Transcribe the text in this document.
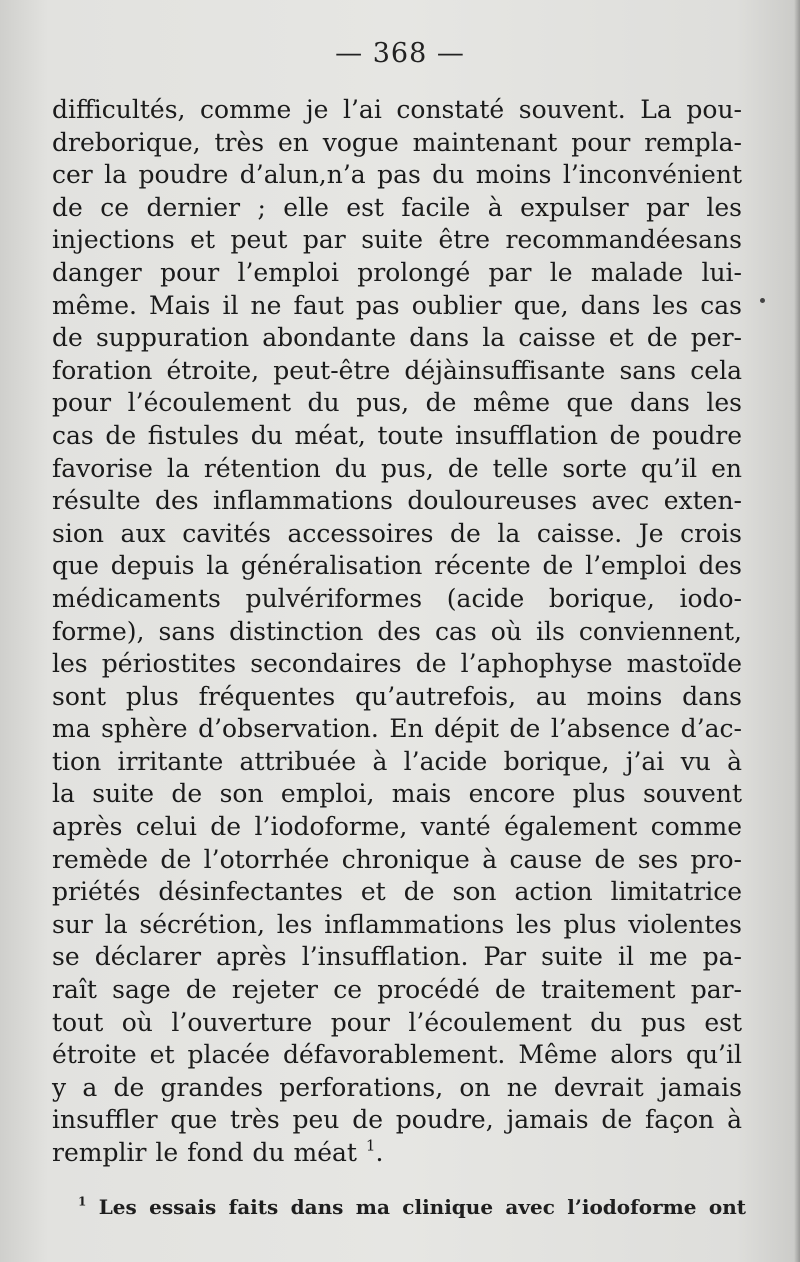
— 368 —
difficultés, comme je l’ai constaté souvent. La pou-
dreborique, très en vogue maintenant pour rempla-
cer la poudre d’alun,n’a pas du moins l’inconvénient
de ce dernier ; elle est facile à expulser par les
injections et peut par suite être recommandéesans
danger pour l’emploi prolongé par le malade lui-
même. Mais il ne faut pas oublier que, dans les cas
de suppuration abondante dans la caisse et de per-
foration étroite, peut-être déjàinsuffisante sans cela
pour l’écoulement du pus, de même que dans les
cas de fistules du méat, toute insufflation de poudre
favorise la rétention du pus, de telle sorte qu’il en
résulte des inflammations douloureuses avec exten-
sion aux cavités accessoires de la caisse. Je crois
que depuis la généralisation récente de l’emploi des
médicaments pulvériformes (acide borique, iodo-
forme), sans distinction des cas où ils conviennent,
les périostites secondaires de l’aphophyse mastoïde
sont plus fréquentes qu’autrefois, au moins dans
ma sphère d’observation. En dépit de l’absence d’ac-
tion irritante attribuée à l’acide borique, j’ai vu à
la suite de son emploi, mais encore plus souvent
après celui de l’iodoforme, vanté également comme
remède de l’otorrhée chronique à cause de ses pro-
priétés désinfectantes et de son action limitatrice
sur la sécrétion, les inflammations les plus violentes
se déclarer après l’insufflation. Par suite il me pa-
raît sage de rejeter ce procédé de traitement par-
tout où l’ouverture pour l’écoulement du pus est
étroite et placée défavorablement. Même alors qu’il
y a de grandes perforations, on ne devrait jamais
insuffler que très peu de poudre, jamais de façon à
remplir le fond du méat $^1$.
$^1$ Les essais faits dans ma clinique avec l’iodoforme ont
